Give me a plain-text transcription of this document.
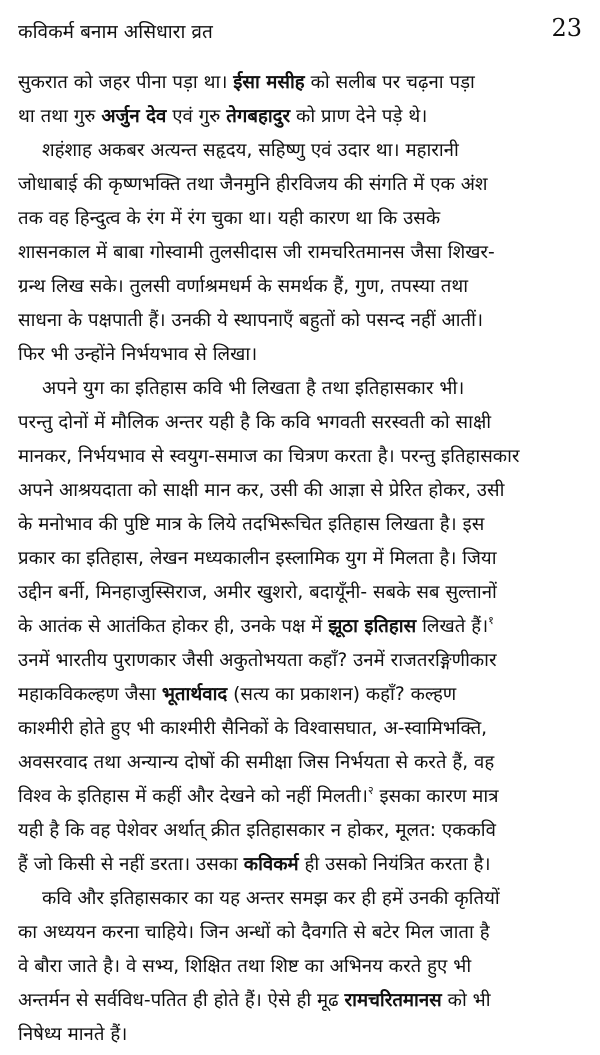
कविकर्म बनाम असिधारा व्रत	23
सुकरात को जहर पीना पड़ा था। ईसा मसीह को सलीब पर चढ़ना पड़ा
था तथा गुरु अर्जुन देव एवं गुरु तेगबहादुर को प्राण देने पड़े थे।
शहंशाह अकबर अत्यन्त सहृदय, सहिष्णु एवं उदार था। महारानी
जोधाबाई की कृष्णभक्ति तथा जैनमुनि हीरविजय की संगति में एक अंश
तक वह हिन्दुत्व के रंग में रंग चुका था। यही कारण था कि उसके
शासनकाल में बाबा गोस्वामी तुलसीदास जी रामचरितमानस जैसा शिखर-
ग्रन्थ लिख सके। तुलसी वर्णाश्रमधर्म के समर्थक हैं, गुण, तपस्या तथा
साधना के पक्षपाती हैं। उनकी ये स्थापनाएँ बहुतों को पसन्द नहीं आतीं।
फिर भी उन्होंने निर्भयभाव से लिखा।
अपने युग का इतिहास कवि भी लिखता है तथा इतिहासकार भी।
परन्तु दोनों में मौलिक अन्तर यही है कि कवि भगवती सरस्वती को साक्षी
मानकर, निर्भयभाव से स्वयुग-समाज का चित्रण करता है। परन्तु इतिहासकार
अपने आश्रयदाता को साक्षी मान कर, उसी की आज्ञा से प्रेरित होकर, उसी
के मनोभाव की पुष्टि मात्र के लिये तदभिरूचित इतिहास लिखता है। इस
प्रकार का इतिहास, लेखन मध्यकालीन इस्लामिक युग में मिलता है। जिया
उद्दीन बर्नी, मिनहाजुस्सिराज, अमीर खुशरो, बदायूँनी- सबके सब सुल्तानों
के आतंक से आतंकित होकर ही, उनके पक्ष में झूठा इतिहास लिखते हैं।$^१$
उनमें भारतीय पुराणकार जैसी अकुतोभयता कहाँ? उनमें राजतरङ्गिणीकार
महाकविकल्हण जैसा भूतार्थवाद (सत्य का प्रकाशन) कहाँ? कल्हण
काश्मीरी होते हुए भी काश्मीरी सैनिकों के विश्वासघात, अ-स्वामिभक्ति,
अवसरवाद तथा अन्यान्य दोषों की समीक्षा जिस निर्भयता से करते हैं, वह
विश्व के इतिहास में कहीं और देखने को नहीं मिलती।$^२$ इसका कारण मात्र
यही है कि वह पेशेवर अर्थात् क्रीत इतिहासकार न होकर, मूलत: एककवि
हैं जो किसी से नहीं डरता। उसका कविकर्म ही उसको नियंत्रित करता है।
कवि और इतिहासकार का यह अन्तर समझ कर ही हमें उनकी कृतियों
का अध्ययन करना चाहिये। जिन अन्धों को दैवगति से बटेर मिल जाता है
वे बौरा जाते है। वे सभ्य, शिक्षित तथा शिष्ट का अभिनय करते हुए भी
अन्तर्मन से सर्वविध-पतित ही होते हैं। ऐसे ही मूढ रामचरितमानस को भी
निषेध्य मानते हैं।
